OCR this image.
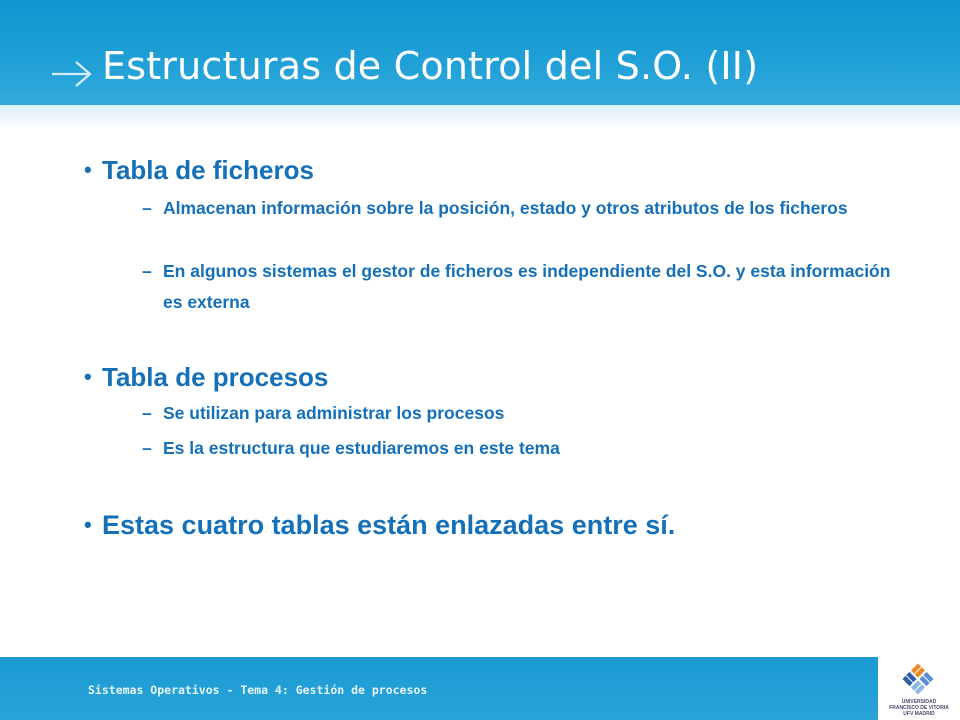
Estructuras de Control del S.O. (II)
• Tabla de ficheros
– Almacenan información sobre la posición, estado y otros atributos de los ficheros
– En algunos sistemas el gestor de ficheros es independiente del S.O. y esta información es externa
• Tabla de procesos
– Se utilizan para administrar los procesos
– Es la estructura que estudiaremos en este tema
• Estas cuatro tablas están enlazadas entre sí.
Sistemas Operativos - Tema 4: Gestión de procesos
UNIVERSIDAD
FRANCISCO DE VITORIA
UFV MADRID
